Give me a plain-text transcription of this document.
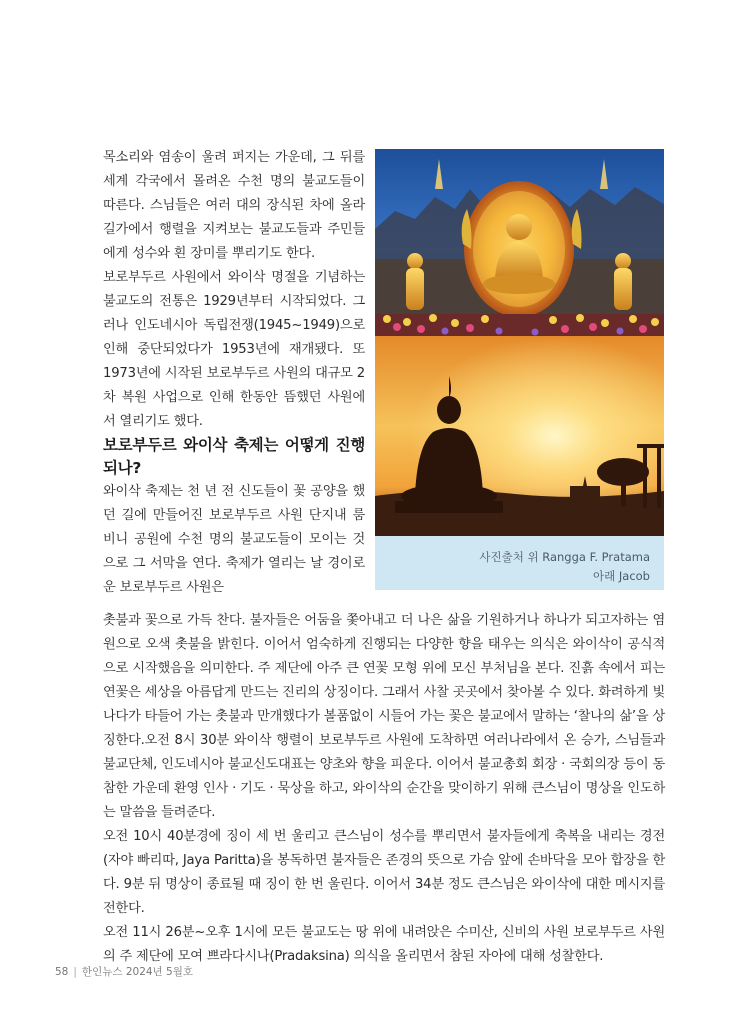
목소리와 염송이 울려 퍼지는 가운데, 그 뒤를 세계 각국에서 몰려온 수천 명의 불교도들이 따른다. 스님들은 여러 대의 장식된 차에 올라 길가에서 행렬을 지켜보는 불교도들과 주민들에게 성수와 흰 장미를 뿌리기도 한다.

보로부두르 사원에서 와이삭 명절을 기념하는 불교도의 전통은 1929년부터 시작되었다. 그러나 인도네시아 독립전쟁(1945~1949)으로 인해 중단되었다가 1953년에 재개됐다. 또 1973년에 시작된 보로부두르 사원의 대규모 2차 복원 사업으로 인해 한동안 뜸했던 사원에서 열리기도 했다.

보로부두르 와이삭 축제는 어떻게 진행되나?

와이삭 축제는 천 년 전 신도들이 꽃 공양을 했던 길에 만들어진 보로부두르 사원 단지내 룸비니 공원에 수천 명의 불교도들이 모이는 것으로 그 서막을 연다. 축제가 열리는 날 경이로운 보로부두르 사원은

사진출처 위 Rangga F. Pratama
아래 Jacob

촛불과 꽃으로 가득 찬다. 불자들은 어둠을 쫓아내고 더 나은 삶을 기원하거나 하나가 되고자하는 염원으로 오색 촛불을 밝힌다. 이어서 엄숙하게 진행되는 다양한 향을 태우는 의식은 와이삭이 공식적으로 시작했음을 의미한다. 주 제단에 아주 큰 연꽃 모형 위에 모신 부처님을 본다. 진흙 속에서 피는 연꽃은 세상을 아름답게 만드는 진리의 상징이다. 그래서 사찰 곳곳에서 찾아볼 수 있다. 화려하게 빛나다가 타들어 가는 촛불과 만개했다가 볼품없이 시들어 가는 꽃은 불교에서 말하는 ‘찰나의 삶’을 상징한다.오전 8시 30분 와이삭 행렬이 보로부두르 사원에 도착하면 여러나라에서 온 승가, 스님들과 불교단체, 인도네시아 불교신도대표는 양초와 향을 피운다. 이어서 불교총회 회장 · 국회의장 등이 동참한 가운데 환영 인사 · 기도 · 묵상을 하고, 와이삭의 순간을 맞이하기 위해 큰스님이 명상을 인도하는 말씀을 들려준다.

오전 10시 40분경에 징이 세 번 울리고 큰스님이 성수를 뿌리면서 불자들에게 축복을 내리는 경전(자야 빠리따, Jaya Paritta)을 봉독하면 불자들은 존경의 뜻으로 가슴 앞에 손바닥을 모아 합장을 한다. 9분 뒤 명상이 종료될 때 징이 한 번 울린다. 이어서 34분 정도 큰스님은 와이삭에 대한 메시지를 전한다.

오전 11시 26분~오후 1시에 모든 불교도는 땅 위에 내려앉은 수미산, 신비의 사원 보로부두르 사원의 주 제단에 모여 쁘라다시나(Pradaksina) 의식을 올리면서 참된 자아에 대해 성찰한다.

58 | 한인뉴스 2024년 5월호
